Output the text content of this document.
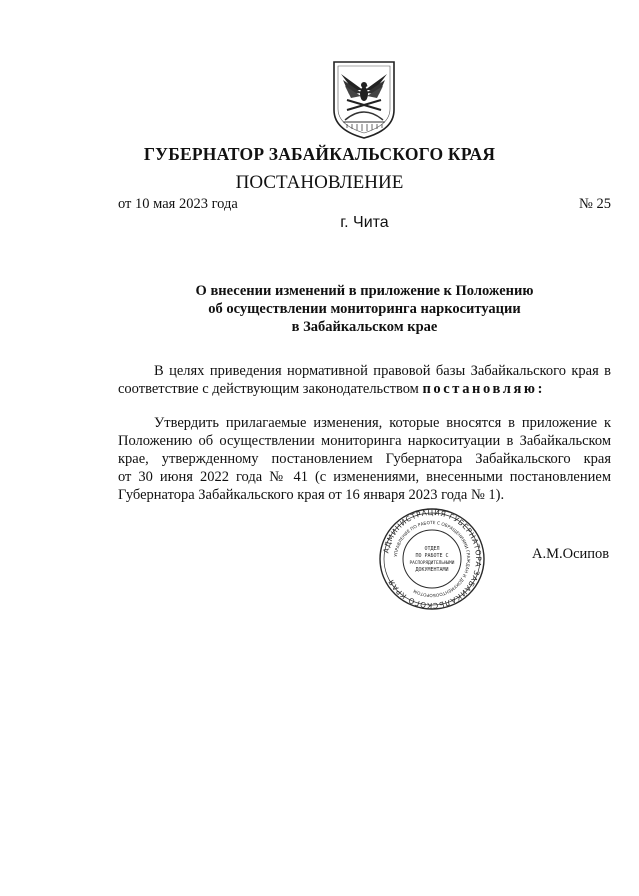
ГУБЕРНАТОР ЗАБАЙКАЛЬСКОГО КРАЯ
ПОСТАНОВЛЕНИЕ
от 10 мая 2023 года	№ 25
г. Чита
О внесении изменений в приложение к Положению
об осуществлении мониторинга наркоситуации
в Забайкальском крае
В целях приведения нормативной правовой базы Забайкальского края в
соответствие с действующим законодательством постановляю:
Утвердить прилагаемые изменения, которые вносятся в приложение к
Положению об осуществлении мониторинга наркоситуации в Забайкальском
крае, утвержденному постановлением Губернатора Забайкальского края
от 30 июня 2022 года № 41 (с изменениями, внесенными постановлением
Губернатора Забайкальского края от 16 января 2023 года № 1).
АДМИНИСТРАЦИЯ ГУБЕРНАТОРА ЗАБАЙКАЛЬСКОГО КРАЯ
УПРАВЛЕНИЕ ПО РАБОТЕ С ОБРАЩЕНИЯМИ ГРАЖДАН И ДОКУМЕНТООБОРОТОМ
ОТДЕЛ
ПО РАБОТЕ С
РАСПОРЯДИТЕЛЬНЫМИ
ДОКУМЕНТАМИ
А.М.Осипов
